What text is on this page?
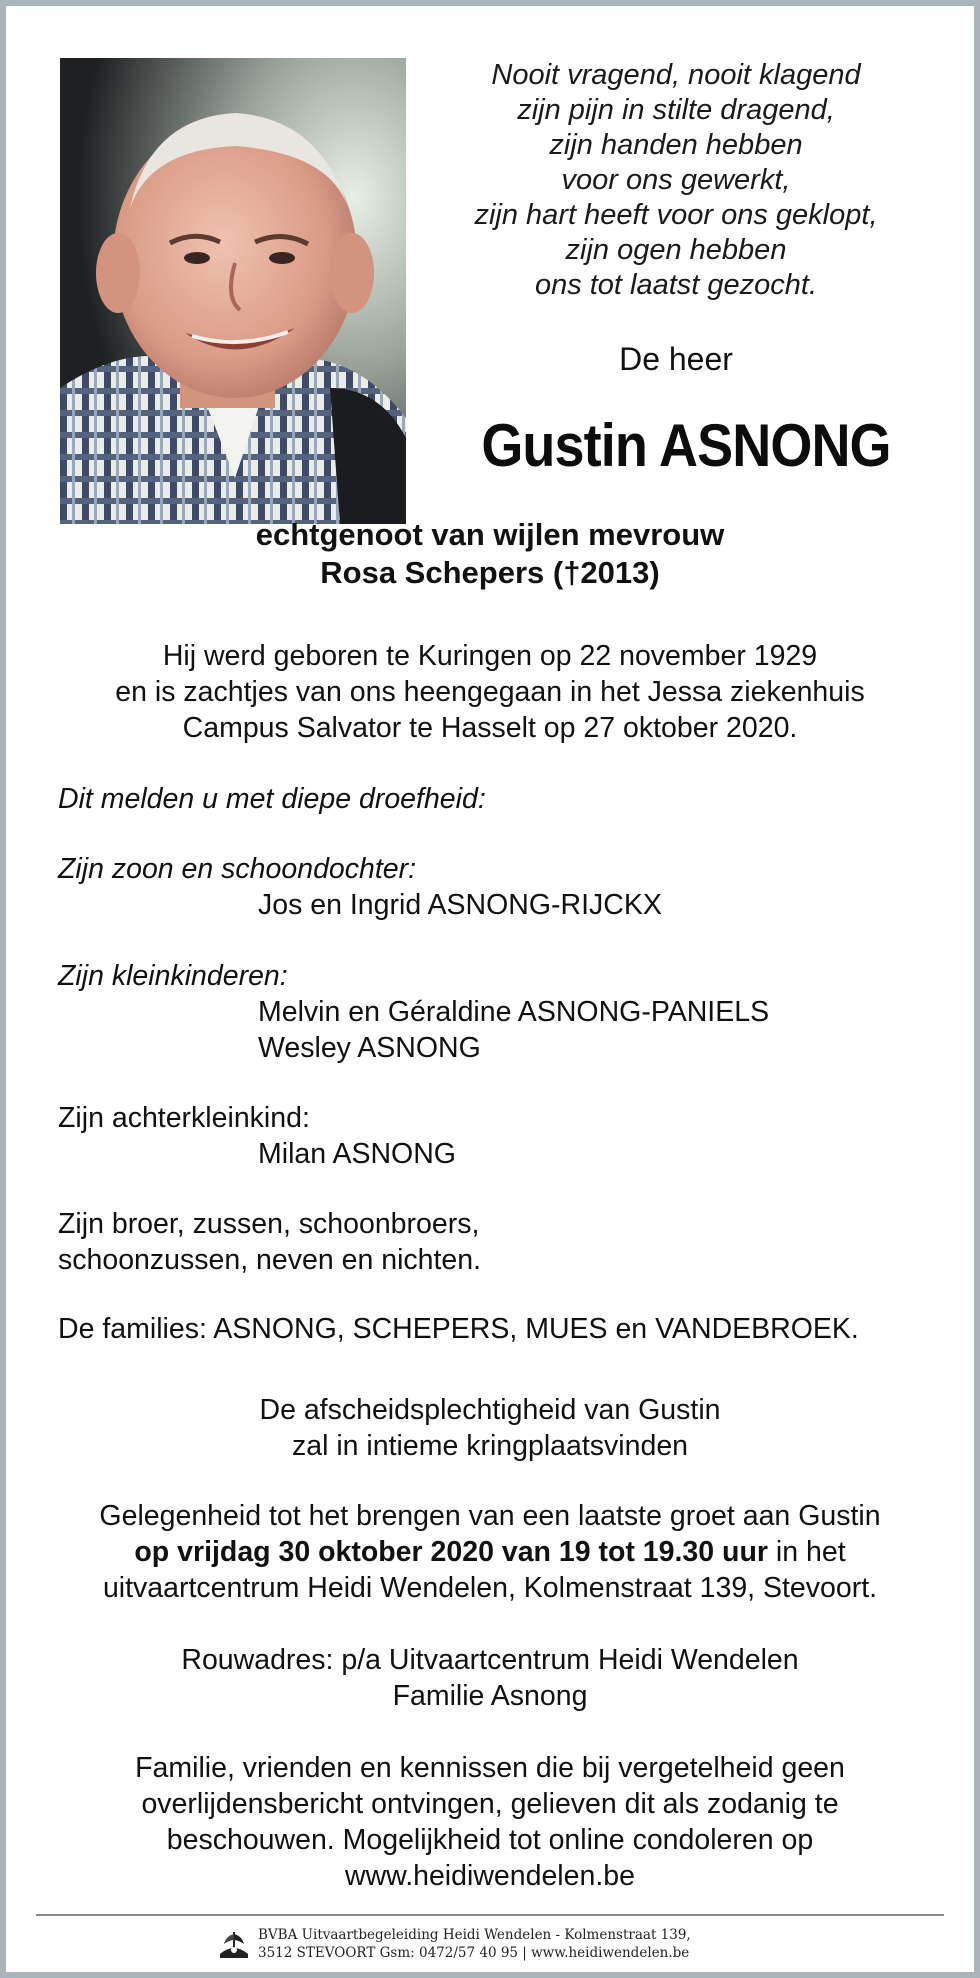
Nooit vragend, nooit klagend
zijn pijn in stilte dragend,
zijn handen hebben
voor ons gewerkt,
zijn hart heeft voor ons geklopt,
zijn ogen hebben
ons tot laatst gezocht.
De heer
Gustin ASNONG
echtgenoot van wijlen mevrouw
Rosa Schepers (†2013)
Hij werd geboren te Kuringen op 22 november 1929
en is zachtjes van ons heengegaan in het Jessa ziekenhuis
Campus Salvator te Hasselt op 27 oktober 2020.
Dit melden u met diepe droefheid:
Zijn zoon en schoondochter:
Jos en Ingrid ASNONG-RIJCKX
Zijn kleinkinderen:
Melvin en Géraldine ASNONG-PANIELS
Wesley ASNONG
Zijn achterkleinkind:
Milan ASNONG
Zijn broer, zussen, schoonbroers,
schoonzussen, neven en nichten.
De families: ASNONG, SCHEPERS, MUES en VANDEBROEK.
De afscheidsplechtigheid van Gustin
zal in intieme kringplaatsvinden
Gelegenheid tot het brengen van een laatste groet aan Gustin
op vrijdag 30 oktober 2020 van 19 tot 19.30 uur in het
uitvaartcentrum Heidi Wendelen, Kolmenstraat 139, Stevoort.
Rouwadres: p/a Uitvaartcentrum Heidi Wendelen
Familie Asnong
Familie, vrienden en kennissen die bij vergetelheid geen
overlijdensbericht ontvingen, gelieven dit als zodanig te
beschouwen. Mogelijkheid tot online condoleren op
www.heidiwendelen.be
BVBA Uitvaartbegeleiding Heidi Wendelen - Kolmenstraat 139,
3512 STEVOORT Gsm: 0472/57 40 95 | www.heidiwendelen.be
